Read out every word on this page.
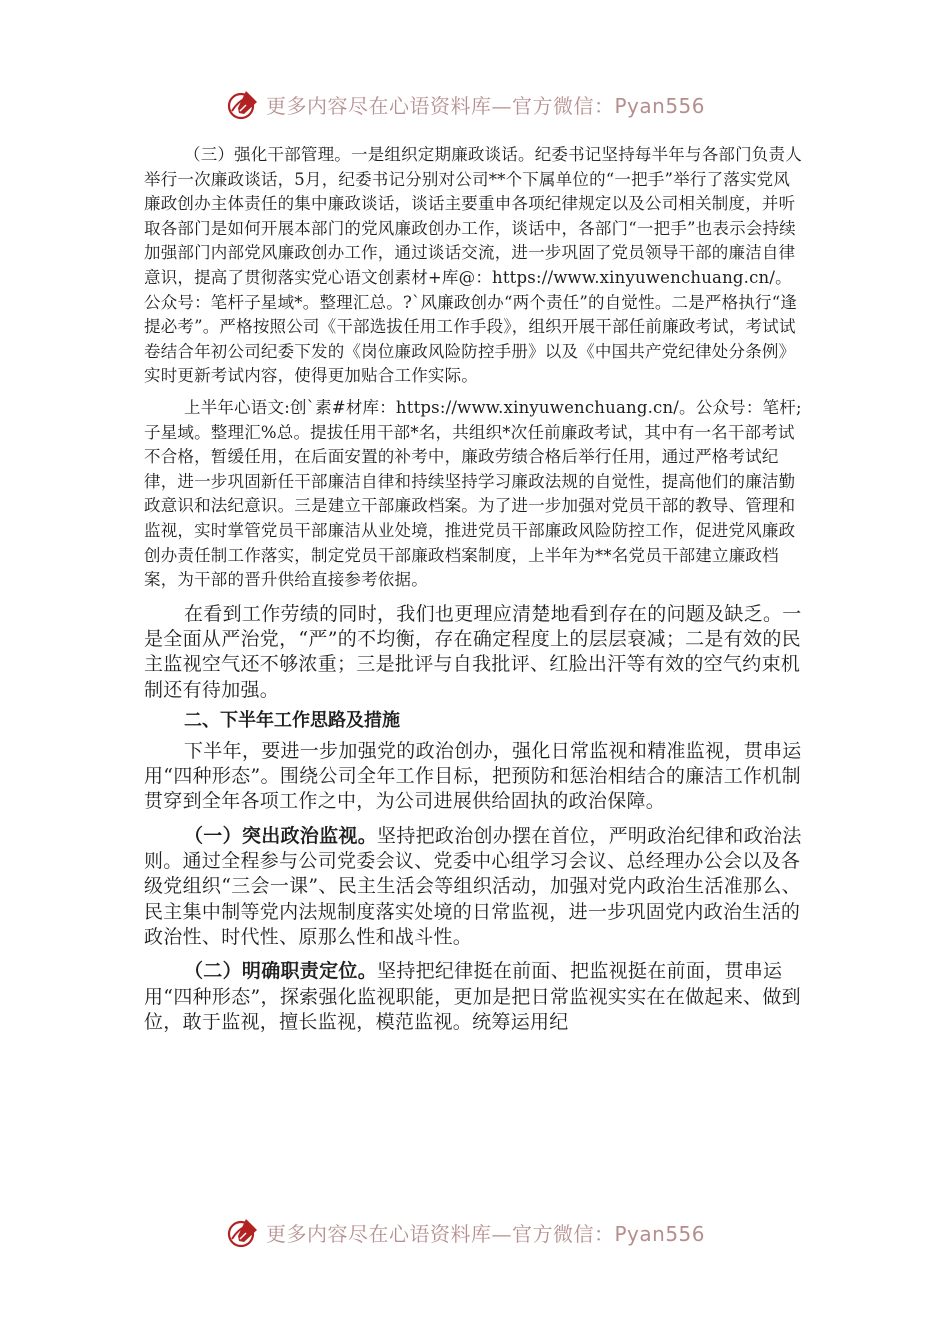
更多内容尽在心语资料库—官方微信：Pyan556

（三）强化干部管理。一是组织定期廉政谈话。纪委书记坚持每半年与各部门负责人举行一次廉政谈话，5月，纪委书记分别对公司**个下属单位的“一把手”举行了落实党风廉政创办主体责任的集中廉政谈话，谈话主要重申各项纪律规定以及公司相关制度，并听取各部门是如何开展本部门的党风廉政创办工作，谈话中，各部门“一把手”也表示会持续加强部门内部党风廉政创办工作，通过谈话交流，进一步巩固了党员领导干部的廉洁自律意识，提高了贯彻落实党心语文创素材+库@：https://www.xinyuwenchuang.cn/。公众号：笔杆子星域*。整理汇总。?`风廉政创办“两个责任”的自觉性。二是严格执行“逢提必考”。严格按照公司《干部选拔任用工作手段》，组织开展干部任前廉政考试，考试试卷结合年初公司纪委下发的《岗位廉政风险防控手册》以及《中国共产党纪律处分条例》实时更新考试内容，使得更加贴合工作实际。

上半年心语文:创`素#材库：https://www.xinyuwenchuang.cn/。公众号：笔杆;子星域。整理汇%总。提拔任用干部*名，共组织*次任前廉政考试，其中有一名干部考试不合格，暂缓任用，在后面安置的补考中，廉政劳绩合格后举行任用，通过严格考试纪律，进一步巩固新任干部廉洁自律和持续坚持学习廉政法规的自觉性，提高他们的廉洁勤政意识和法纪意识。三是建立干部廉政档案。为了进一步加强对党员干部的教导、管理和监视，实时掌管党员干部廉洁从业处境，推进党员干部廉政风险防控工作，促进党风廉政创办责任制工作落实，制定党员干部廉政档案制度，上半年为**名党员干部建立廉政档案，为干部的晋升供给直接参考依据。

在看到工作劳绩的同时，我们也更理应清楚地看到存在的问题及缺乏。一是全面从严治党，“严”的不均衡，存在确定程度上的层层衰减；二是有效的民主监视空气还不够浓重；三是批评与自我批评、红脸出汗等有效的空气约束机制还有待加强。

二、下半年工作思路及措施

下半年，要进一步加强党的政治创办，强化日常监视和精准监视，贯串运用“四种形态”。围绕公司全年工作目标，把预防和惩治相结合的廉洁工作机制贯穿到全年各项工作之中，为公司进展供给固执的政治保障。

（一）突出政治监视。坚持把政治创办摆在首位，严明政治纪律和政治法则。通过全程参与公司党委会议、党委中心组学习会议、总经理办公会以及各级党组织“三会一课”、民主生活会等组织活动，加强对党内政治生活准那么、民主集中制等党内法规制度落实处境的日常监视，进一步巩固党内政治生活的政治性、时代性、原那么性和战斗性。

（二）明确职责定位。坚持把纪律挺在前面、把监视挺在前面，贯串运用“四种形态”，探索强化监视职能，更加是把日常监视实实在在做起来、做到位，敢于监视，擅长监视，模范监视。统筹运用纪

更多内容尽在心语资料库—官方微信：Pyan556
